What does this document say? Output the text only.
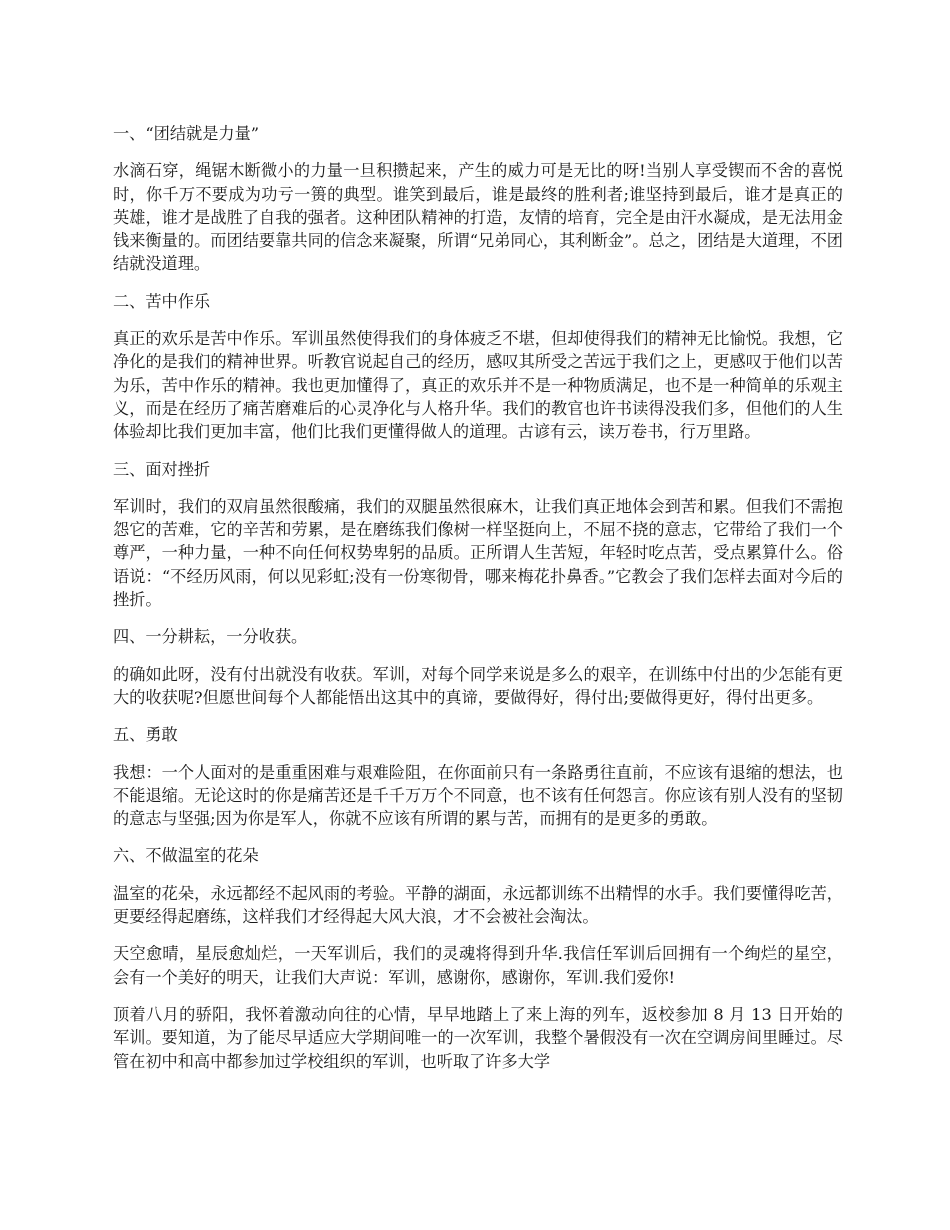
一、“团结就是力量”
水滴石穿，绳锯木断微小的力量一旦积攒起来，产生的威力可是无比的呀!当别人享受锲而不舍的喜悦时，你千万不要成为功亏一篑的典型。谁笑到最后，谁是最终的胜利者;谁坚持到最后，谁才是真正的英雄，谁才是战胜了自我的强者。这种团队精神的打造，友情的培育，完全是由汗水凝成，是无法用金钱来衡量的。而团结要靠共同的信念来凝聚，所谓“兄弟同心，其利断金”。总之，团结是大道理，不团结就没道理。
二、苦中作乐
真正的欢乐是苦中作乐。军训虽然使得我们的身体疲乏不堪，但却使得我们的精神无比愉悦。我想，它净化的是我们的精神世界。听教官说起自己的经历，感叹其所受之苦远于我们之上，更感叹于他们以苦为乐，苦中作乐的精神。我也更加懂得了，真正的欢乐并不是一种物质满足，也不是一种简单的乐观主义，而是在经历了痛苦磨难后的心灵净化与人格升华。我们的教官也许书读得没我们多，但他们的人生体验却比我们更加丰富，他们比我们更懂得做人的道理。古谚有云，读万卷书，行万里路。
三、面对挫折
军训时，我们的双肩虽然很酸痛，我们的双腿虽然很麻木，让我们真正地体会到苦和累。但我们不需抱怨它的苦难，它的辛苦和劳累，是在磨练我们像树一样坚挺向上，不屈不挠的意志，它带给了我们一个尊严，一种力量，一种不向任何权势卑躬的品质。正所谓人生苦短，年轻时吃点苦，受点累算什么。俗语说：“不经历风雨，何以见彩虹;没有一份寒彻骨，哪来梅花扑鼻香。”它教会了我们怎样去面对今后的挫折。
四、一分耕耘，一分收获。
的确如此呀，没有付出就没有收获。军训，对每个同学来说是多么的艰辛，在训练中付出的少怎能有更大的收获呢?但愿世间每个人都能悟出这其中的真谛，要做得好，得付出;要做得更好，得付出更多。
五、勇敢
我想：一个人面对的是重重困难与艰难险阻，在你面前只有一条路勇往直前，不应该有退缩的想法，也不能退缩。无论这时的你是痛苦还是千千万万个不同意，也不该有任何怨言。你应该有别人没有的坚韧的意志与坚强;因为你是军人，你就不应该有所谓的累与苦，而拥有的是更多的勇敢。
六、不做温室的花朵
温室的花朵，永远都经不起风雨的考验。平静的湖面，永远都训练不出精悍的水手。我们要懂得吃苦，更要经得起磨练，这样我们才经得起大风大浪，才不会被社会淘汰。
天空愈晴，星辰愈灿烂，一天军训后，我们的灵魂将得到升华.我信任军训后回拥有一个绚烂的星空，会有一个美好的明天，让我们大声说：军训，感谢你，感谢你，军训.我们爱你!
顶着八月的骄阳，我怀着激动向往的心情，早早地踏上了来上海的列车，返校参加 8 月 13 日开始的军训。要知道，为了能尽早适应大学期间唯一的一次军训，我整个暑假没有一次在空调房间里睡过。尽管在初中和高中都参加过学校组织的军训，也听取了许多大学
